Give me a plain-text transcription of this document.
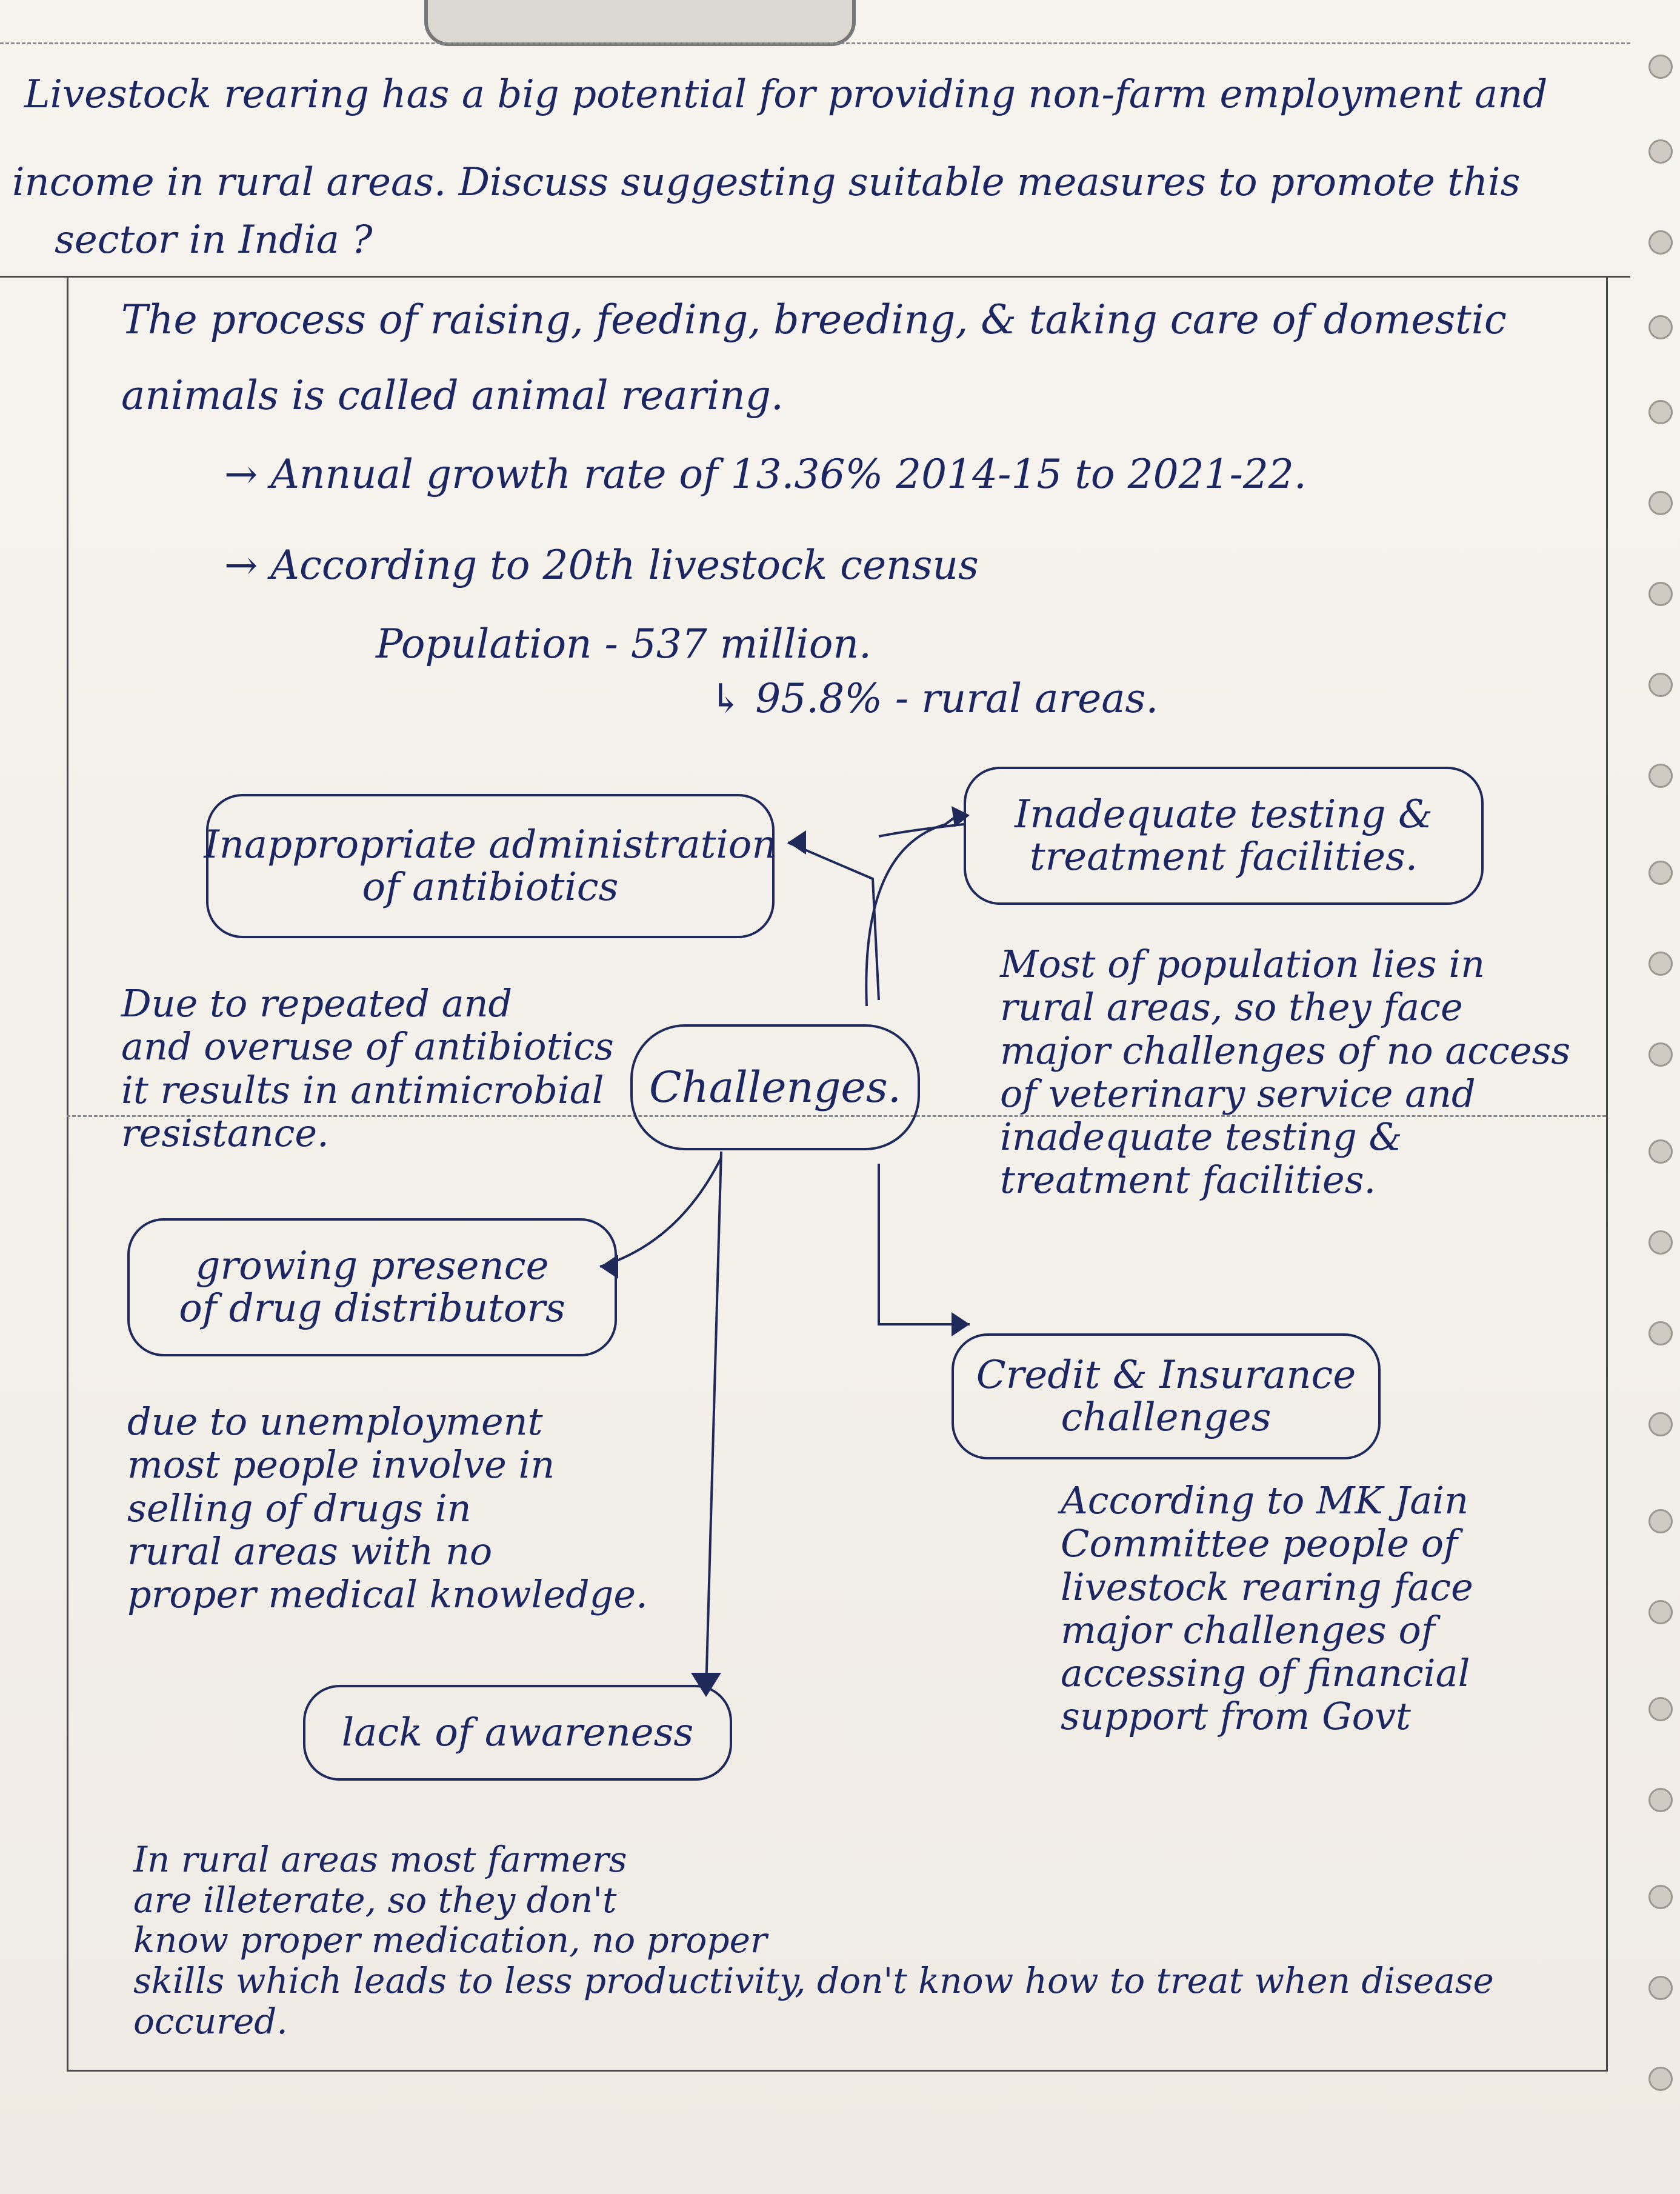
Livestock rearing has a big potential for providing non-farm employment and
income in rural areas. Discuss suggesting suitable measures to promote this
sector in India ?
The process of raising, feeding, breeding, & taking care of domestic
animals is called animal rearing.
→ Annual growth rate of 13.36% 2014-15 to 2021-22.
→ According to 20th livestock census
Population - 537 million.
↳ 95.8% - rural areas.
Challenges.
Inappropriate administration
of antibiotics
Due to repeated and
and overuse of antibiotics
it results in antimicrobial
resistance.
Inadequate testing &
treatment facilities.
Most of population lies in
rural areas, so they face
major challenges of no access
of veterinary service and
inadequate testing &
treatment facilities.
growing presence
of drug distributors
due to unemployment
most people involve in
selling of drugs in
rural areas with no
proper medical knowledge.
Credit & Insurance
challenges
According to MK Jain
Committee people of
livestock rearing face
major challenges of
accessing of financial
support from Govt
lack of awareness
In rural areas most farmers
are illeterate, so they don't
know proper medication, no proper
skills which leads to less productivity, don't know how to treat when disease occured.
